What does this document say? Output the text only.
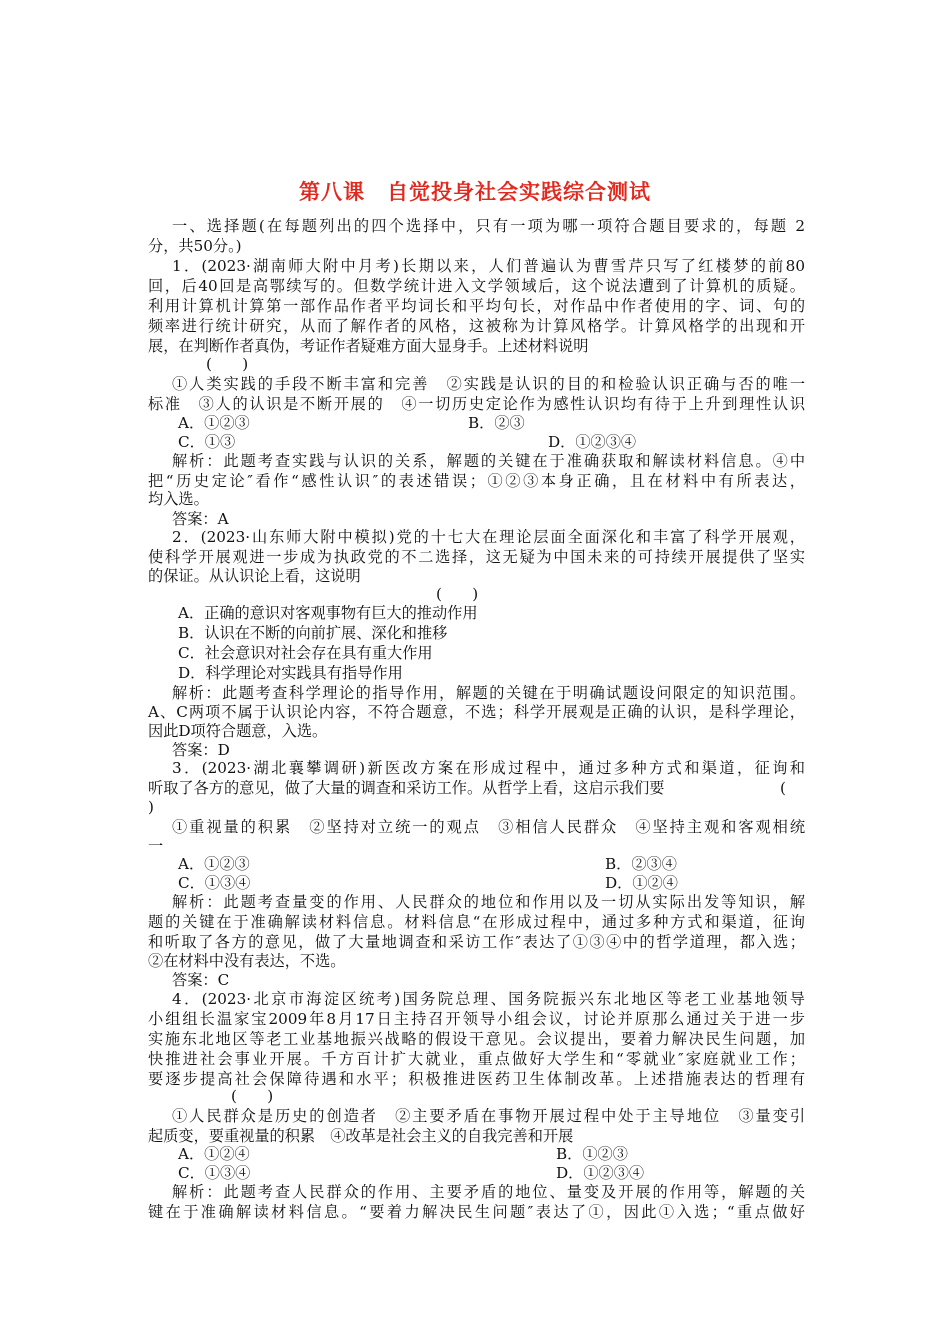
第八课　自觉投身社会实践综合测试
一、选择题(在每题列出的四个选择中，只有一项为哪一项符合题目要求的，每题 2
分，共50分。)
1．(2023·湖南师大附中月考)长期以来，人们普遍认为曹雪芹只写了红楼梦的前80
回，后40回是高鄂续写的。但数学统计进入文学领域后，这个说法遭到了计算机的质疑。
利用计算机计算第一部作品作者平均词长和平均句长，对作品中作者使用的字、词、句的
频率进行统计研究，从而了解作者的风格，这被称为计算风格学。计算风格学的出现和开
展，在判断作者真伪，考证作者疑难方面大显身手。上述材料说明
(　　)
①人类实践的手段不断丰富和完善　②实践是认识的目的和检验认识正确与否的唯一
标准　③人的认识是不断开展的　④一切历史定论作为感性认识均有待于上升到理性认识
A．①②③	B．②③
C．①③	D．①②③④
解析：此题考查实践与认识的关系，解题的关键在于准确获取和解读材料信息。④中
把“历史定论″看作“感性认识″的表述错误；①②③本身正确，且在材料中有所表达，
均入选。
答案：A
2．(2023·山东师大附中模拟)党的十七大在理论层面全面深化和丰富了科学开展观，
使科学开展观进一步成为执政党的不二选择，这无疑为中国未来的可持续开展提供了坚实
的保证。从认识论上看，这说明
(　　)
A．正确的意识对客观事物有巨大的推动作用
B．认识在不断的向前扩展、深化和推移
C．社会意识对社会存在具有重大作用
D．科学理论对实践具有指导作用
解析：此题考查科学理论的指导作用，解题的关键在于明确试题设问限定的知识范围。
A、C两项不属于认识论内容，不符合题意，不选；科学开展观是正确的认识，是科学理论，
因此D项符合题意，入选。
答案：D
3．(2023·湖北襄攀调研)新医改方案在形成过程中，通过多种方式和渠道，征询和
听取了各方的意见，做了大量的调查和采访工作。从哲学上看，这启示我们要	(
)
①重视量的积累　②坚持对立统一的观点　③相信人民群众　④坚持主观和客观相统
一
A．①②③	B．②③④
C．①③④	D．①②④
解析：此题考查量变的作用、人民群众的地位和作用以及一切从实际出发等知识，解
题的关键在于准确解读材料信息。材料信息“在形成过程中，通过多种方式和渠道，征询
和听取了各方的意见，做了大量地调查和采访工作″表达了①③④中的哲学道理，都入选；
②在材料中没有表达，不选。
答案：C
4．(2023·北京市海淀区统考)国务院总理、国务院振兴东北地区等老工业基地领导
小组组长温家宝2009年8月17日主持召开领导小组会议，讨论并原那么通过关于进一步
实施东北地区等老工业基地振兴战略的假设干意见。会议提出，要着力解决民生问题，加
快推进社会事业开展。千方百计扩大就业，重点做好大学生和“零就业″家庭就业工作；
要逐步提高社会保障待遇和水平；积极推进医药卫生体制改革。上述措施表达的哲理有
(　　)
①人民群众是历史的创造者　②主要矛盾在事物开展过程中处于主导地位　③量变引
起质变，要重视量的积累　④改革是社会主义的自我完善和开展
A．①②④	B．①②③
C．①③④	D．①②③④
解析：此题考查人民群众的作用、主要矛盾的地位、量变及开展的作用等，解题的关
键在于准确解读材料信息。“要着力解决民生问题″表达了①，因此①入选；“重点做好
